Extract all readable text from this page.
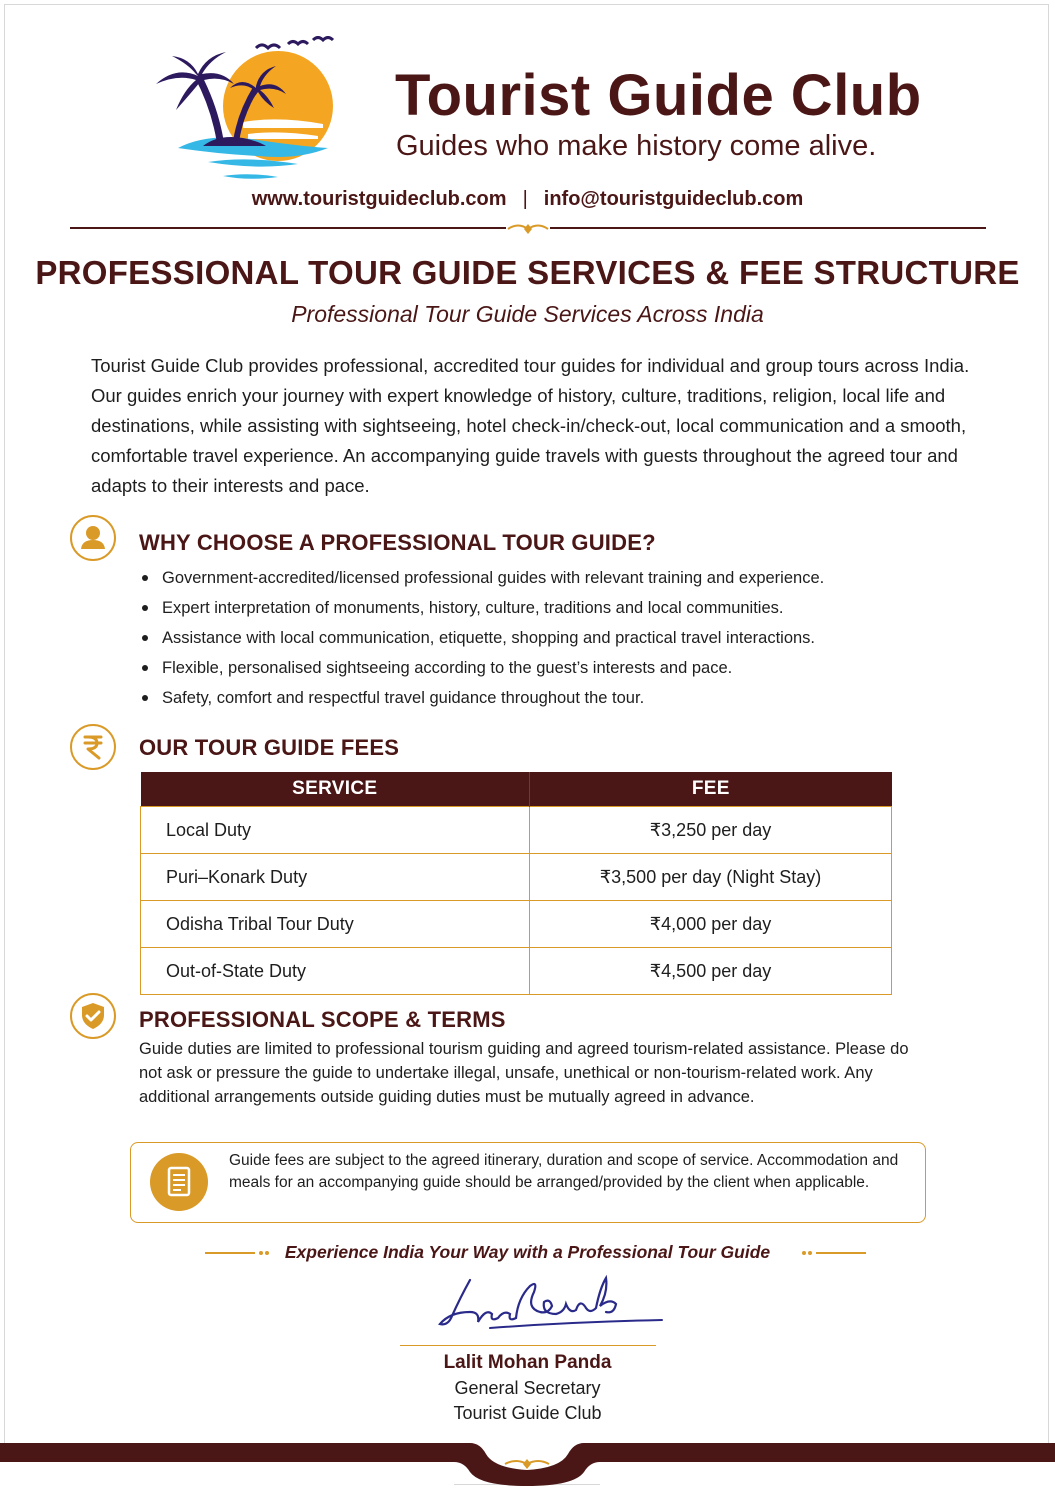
Tourist Guide Club
Guides who make history come alive.
www.touristguideclub.com | info@touristguideclub.com
PROFESSIONAL TOUR GUIDE SERVICES & FEE STRUCTURE
Professional Tour Guide Services Across India
Tourist Guide Club provides professional, accredited tour guides for individual and group tours across India. Our guides enrich your journey with expert knowledge of history, culture, traditions, religion, local life and destinations, while assisting with sightseeing, hotel check-in/check-out, local communication and a smooth, comfortable travel experience. An accompanying guide travels with guests throughout the agreed tour and adapts to their interests and pace.
WHY CHOOSE A PROFESSIONAL TOUR GUIDE?
Government-accredited/licensed professional guides with relevant training and experience.
Expert interpretation of monuments, history, culture, traditions and local communities.
Assistance with local communication, etiquette, shopping and practical travel interactions.
Flexible, personalised sightseeing according to the guest’s interests and pace.
Safety, comfort and respectful travel guidance throughout the tour.
OUR TOUR GUIDE FEES
SERVICE	FEE
Local Duty	₹3,250 per day
Puri–Konark Duty	₹3,500 per day (Night Stay)
Odisha Tribal Tour Duty	₹4,000 per day
Out-of-State Duty	₹4,500 per day
PROFESSIONAL SCOPE & TERMS
Guide duties are limited to professional tourism guiding and agreed tourism-related assistance. Please do not ask or pressure the guide to undertake illegal, unsafe, unethical or non-tourism-related work. Any additional arrangements outside guiding duties must be mutually agreed in advance.
Guide fees are subject to the agreed itinerary, duration and scope of service. Accommodation and meals for an accompanying guide should be arranged/provided by the client when applicable.
Experience India Your Way with a Professional Tour Guide
Lalit Mohan Panda
General Secretary
Tourist Guide Club
